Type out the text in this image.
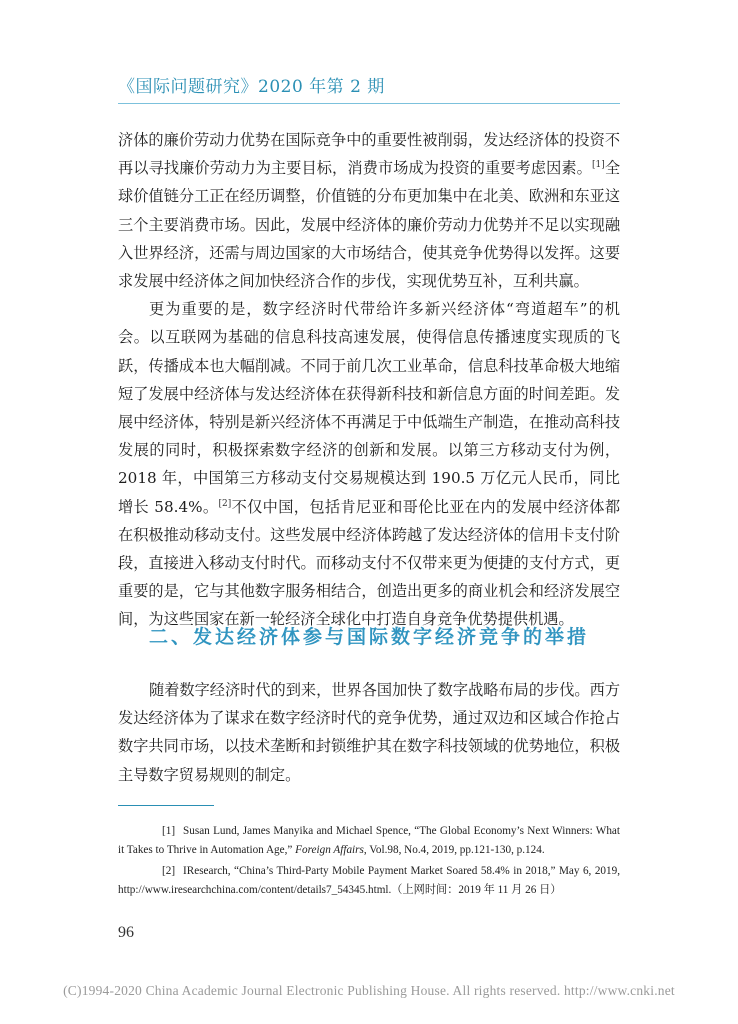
《国际问题研究》2020 年第 2 期

济体的廉价劳动力优势在国际竞争中的重要性被削弱，发达经济体的投资不再以寻找廉价劳动力为主要目标，消费市场成为投资的重要考虑因素。[1]全球价值链分工正在经历调整，价值链的分布更加集中在北美、欧洲和东亚这三个主要消费市场。因此，发展中经济体的廉价劳动力优势并不足以实现融入世界经济，还需与周边国家的大市场结合，使其竞争优势得以发挥。这要求发展中经济体之间加快经济合作的步伐，实现优势互补，互利共赢。

更为重要的是，数字经济时代带给许多新兴经济体“弯道超车”的机会。以互联网为基础的信息科技高速发展，使得信息传播速度实现质的飞跃，传播成本也大幅削减。不同于前几次工业革命，信息科技革命极大地缩短了发展中经济体与发达经济体在获得新科技和新信息方面的时间差距。发展中经济体，特别是新兴经济体不再满足于中低端生产制造，在推动高科技发展的同时，积极探索数字经济的创新和发展。以第三方移动支付为例，2018 年，中国第三方移动支付交易规模达到 190.5 万亿元人民币，同比增长 58.4%。[2]不仅中国，包括肯尼亚和哥伦比亚在内的发展中经济体都在积极推动移动支付。这些发展中经济体跨越了发达经济体的信用卡支付阶段，直接进入移动支付时代。而移动支付不仅带来更为便捷的支付方式，更重要的是，它与其他数字服务相结合，创造出更多的商业机会和经济发展空间，为这些国家在新一轮经济全球化中打造自身竞争优势提供机遇。

二、发达经济体参与国际数字经济竞争的举措

随着数字经济时代的到来，世界各国加快了数字战略布局的步伐。西方发达经济体为了谋求在数字经济时代的竞争优势，通过双边和区域合作抢占数字共同市场，以技术垄断和封锁维护其在数字科技领域的优势地位，积极主导数字贸易规则的制定。

[1] Susan Lund, James Manyika and Michael Spence, “The Global Economy’s Next Winners: What it Takes to Thrive in Automation Age,” Foreign Affairs, Vol.98, No.4, 2019, pp.121-130, p.124.

[2] IResearch, “China’s Third-Party Mobile Payment Market Soared 58.4% in 2018,” May 6, 2019, http://www.iresearchchina.com/content/details7_54345.html.（上网时间：2019 年 11 月 26 日）

96
(C)1994-2020 China Academic Journal Electronic Publishing House. All rights reserved. http://www.cnki.net
